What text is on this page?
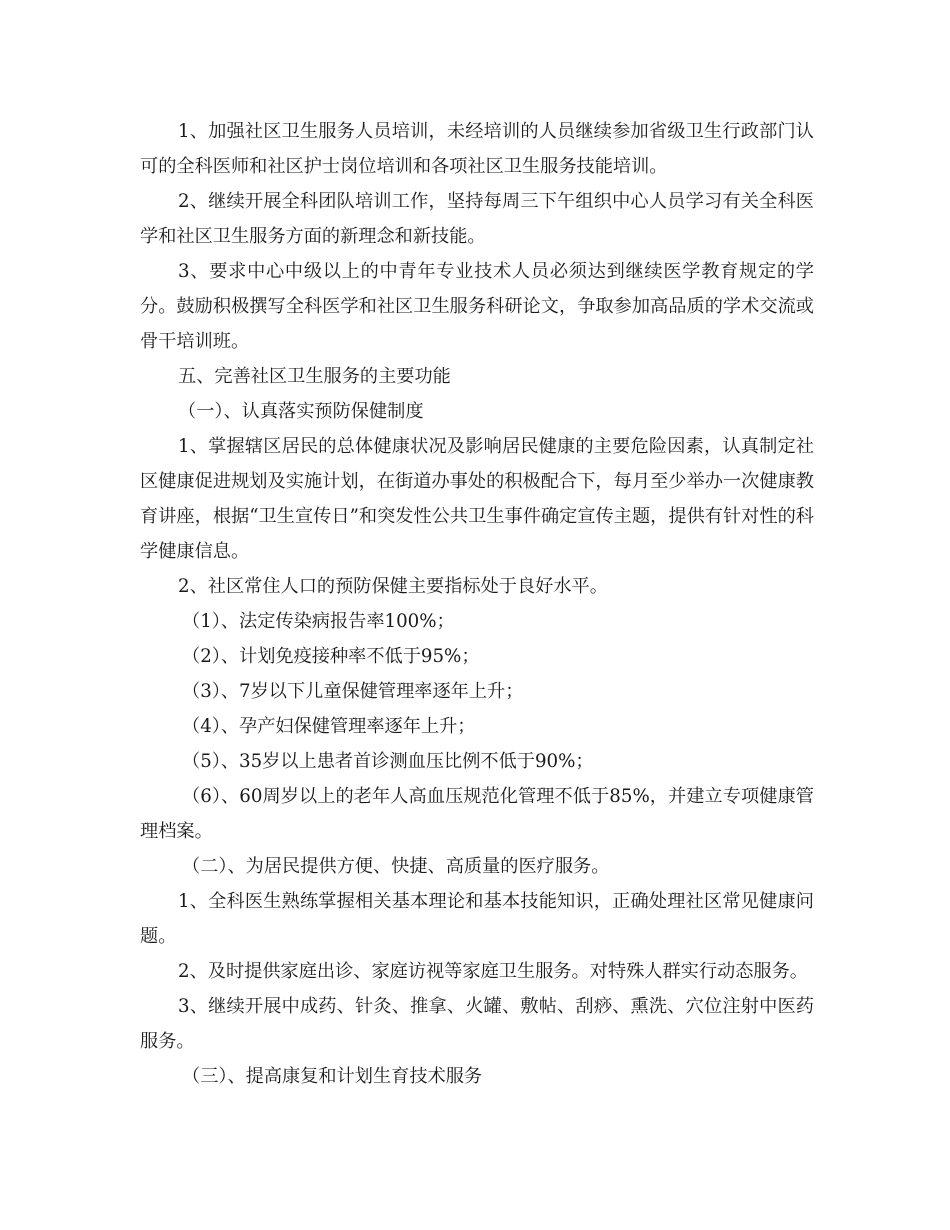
1、加强社区卫生服务人员培训，未经培训的人员继续参加省级卫生行政部门认可的全科医师和社区护士岗位培训和各项社区卫生服务技能培训。

2、继续开展全科团队培训工作，坚持每周三下午组织中心人员学习有关全科医学和社区卫生服务方面的新理念和新技能。

3、要求中心中级以上的中青年专业技术人员必须达到继续医学教育规定的学分。鼓励积极撰写全科医学和社区卫生服务科研论文，争取参加高品质的学术交流或骨干培训班。

五、完善社区卫生服务的主要功能

（一）、认真落实预防保健制度

1、掌握辖区居民的总体健康状况及影响居民健康的主要危险因素，认真制定社区健康促进规划及实施计划，在街道办事处的积极配合下，每月至少举办一次健康教育讲座，根据“卫生宣传日”和突发性公共卫生事件确定宣传主题，提供有针对性的科学健康信息。

2、社区常住人口的预防保健主要指标处于良好水平。

（1）、法定传染病报告率100%；

（2）、计划免疫接种率不低于95%；

（3）、7岁以下儿童保健管理率逐年上升；

（4）、孕产妇保健管理率逐年上升；

（5）、35岁以上患者首诊测血压比例不低于90%；

（6）、60周岁以上的老年人高血压规范化管理不低于85%，并建立专项健康管理档案。

（二）、为居民提供方便、快捷、高质量的医疗服务。

1、全科医生熟练掌握相关基本理论和基本技能知识，正确处理社区常见健康问题。

2、及时提供家庭出诊、家庭访视等家庭卫生服务。对特殊人群实行动态服务。

3、继续开展中成药、针灸、推拿、火罐、敷帖、刮痧、熏洗、穴位注射中医药服务。

（三）、提高康复和计划生育技术服务
